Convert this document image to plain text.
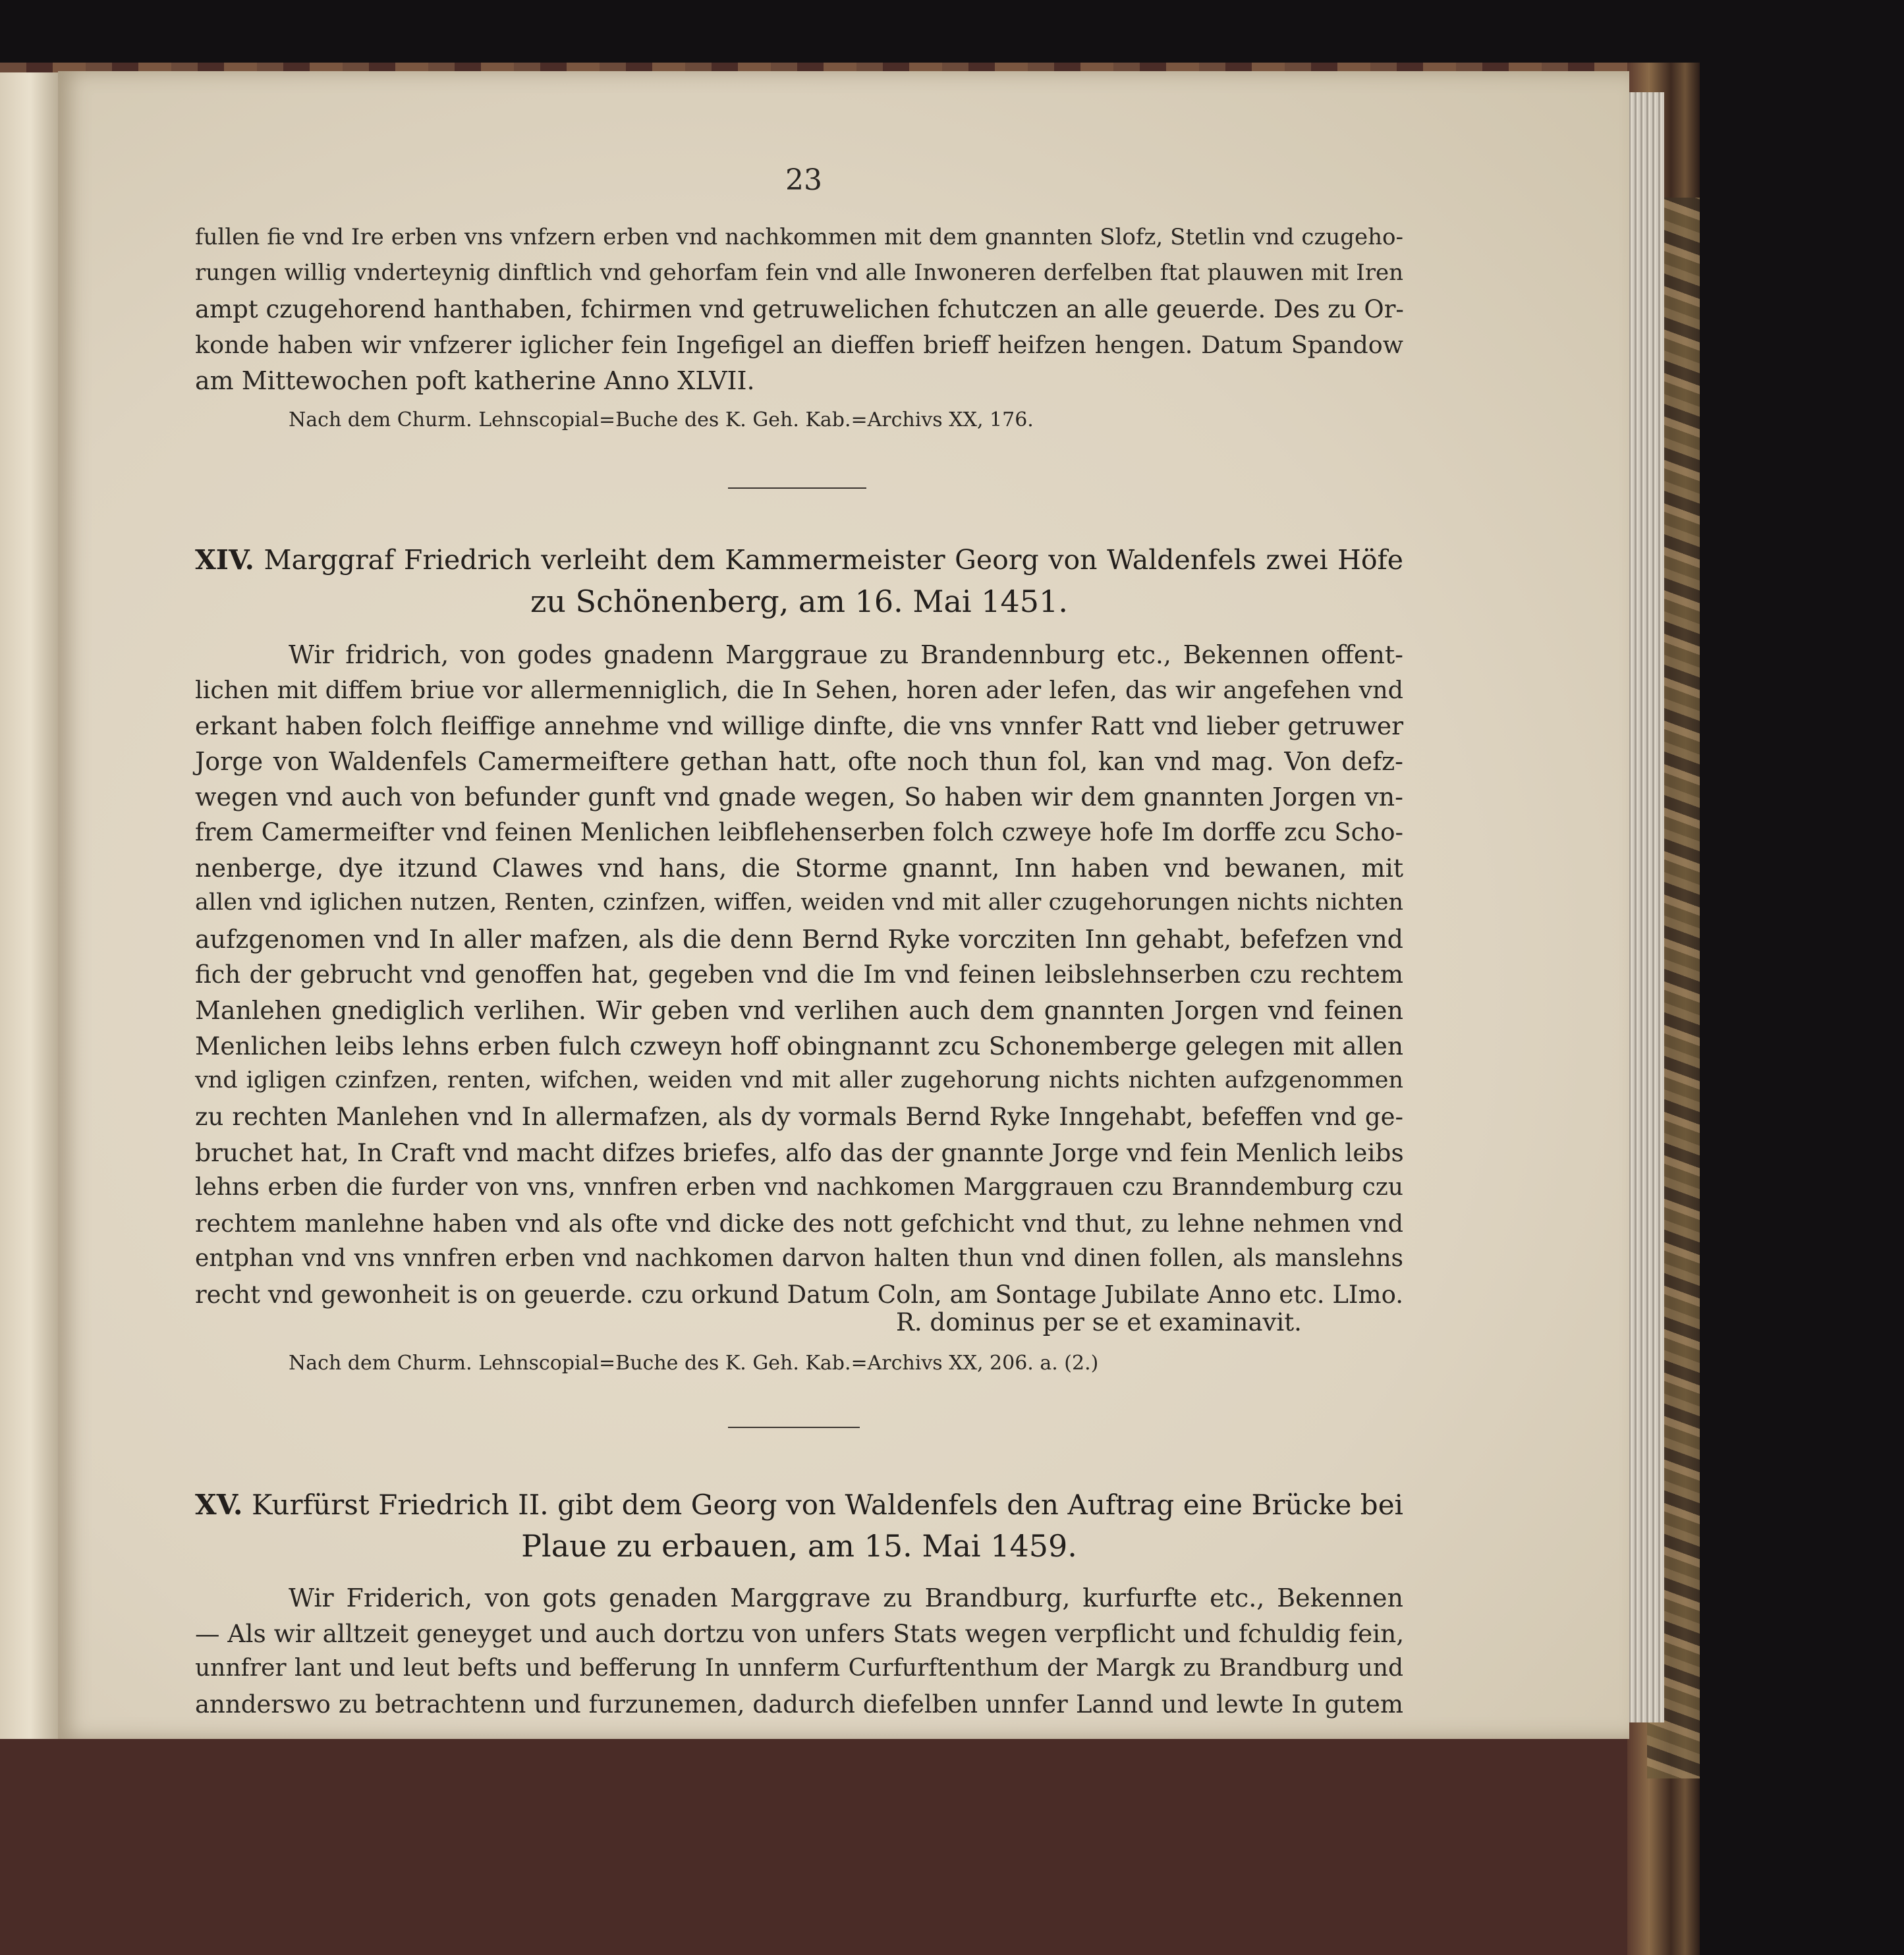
23
fullen fie vnd Ire erben vns vnfzern erben vnd nachkommen mit dem gnannten Slofz, Stetlin vnd czugeho-
rungen willig vnderteynig dinftlich vnd gehorfam fein vnd alle Inwoneren derfelben ftat plauwen mit Iren
ampt czugehorend hanthaben, fchirmen vnd getruwelichen fchutczen an alle geuerde. Des zu Or-
konde haben wir vnfzerer iglicher fein Ingefigel an dieffen brieff heifzen hengen. Datum Spandow
am Mittewochen poft katherine Anno XLVII.
Nach dem Churm. Lehnscopial=Buche des K. Geh. Kab.=Archivs XX, 176.
XIV. Marggraf Friedrich verleiht dem Kammermeister Georg von Waldenfels zwei Höfe
zu Schönenberg, am 16. Mai 1451.
Wir fridrich, von godes gnadenn Marggraue zu Brandennburg etc., Bekennen offent-
lichen mit diffem briue vor allermenniglich, die In Sehen, horen ader lefen, das wir angefehen vnd
erkant haben folch fleiffige annehme vnd willige dinfte, die vns vnnfer Ratt vnd lieber getruwer
Jorge von Waldenfels Camermeiftere gethan hatt, ofte noch thun fol, kan vnd mag. Von defz-
wegen vnd auch von befunder gunft vnd gnade wegen, So haben wir dem gnannten Jorgen vn-
frem Camermeifter vnd feinen Menlichen leibflehenserben folch czweye hofe Im dorffe zcu Scho-
nenberge, dye itzund Clawes vnd hans, die Storme gnannt, Inn haben vnd bewanen, mit
allen vnd iglichen nutzen, Renten, czinfzen, wiffen, weiden vnd mit aller czugehorungen nichts nichten
aufzgenomen vnd In aller mafzen, als die denn Bernd Ryke vorcziten Inn gehabt, befefzen vnd
fich der gebrucht vnd genoffen hat, gegeben vnd die Im vnd feinen leibslehnserben czu rechtem
Manlehen gnediglich verlihen. Wir geben vnd verlihen auch dem gnannten Jorgen vnd feinen
Menlichen leibs lehns erben fulch czweyn hoff obingnannt zcu Schonemberge gelegen mit allen
vnd igligen czinfzen, renten, wifchen, weiden vnd mit aller zugehorung nichts nichten aufzgenommen
zu rechten Manlehen vnd In allermafzen, als dy vormals Bernd Ryke Inngehabt, befeffen vnd ge-
bruchet hat, In Craft vnd macht difzes briefes, alfo das der gnannte Jorge vnd fein Menlich leibs
lehns erben die furder von vns, vnnfren erben vnd nachkomen Marggrauen czu Branndemburg czu
rechtem manlehne haben vnd als ofte vnd dicke des nott gefchicht vnd thut, zu lehne nehmen vnd
entphan vnd vns vnnfren erben vnd nachkomen darvon halten thun vnd dinen follen, als manslehns
recht vnd gewonheit is on geuerde. czu orkund Datum Coln, am Sontage Jubilate Anno etc. LImo.
R. dominus per se et examinavit.
Nach dem Churm. Lehnscopial=Buche des K. Geh. Kab.=Archivs XX, 206. a. (2.)
XV. Kurfürst Friedrich II. gibt dem Georg von Waldenfels den Auftrag eine Brücke bei
Plaue zu erbauen, am 15. Mai 1459.
Wir Friderich, von gots genaden Marggrave zu Brandburg, kurfurfte etc., Bekennen
— Als wir alltzeit geneyget und auch dortzu von unfers Stats wegen verpflicht und fchuldig fein,
unnfrer lant und leut befts und befferung In unnferm Curfurftenthum der Margk zu Brandburg und
annderswo zu betrachtenn und furzunemen, dadurch diefelben unnfer Lannd und lewte In gutem
